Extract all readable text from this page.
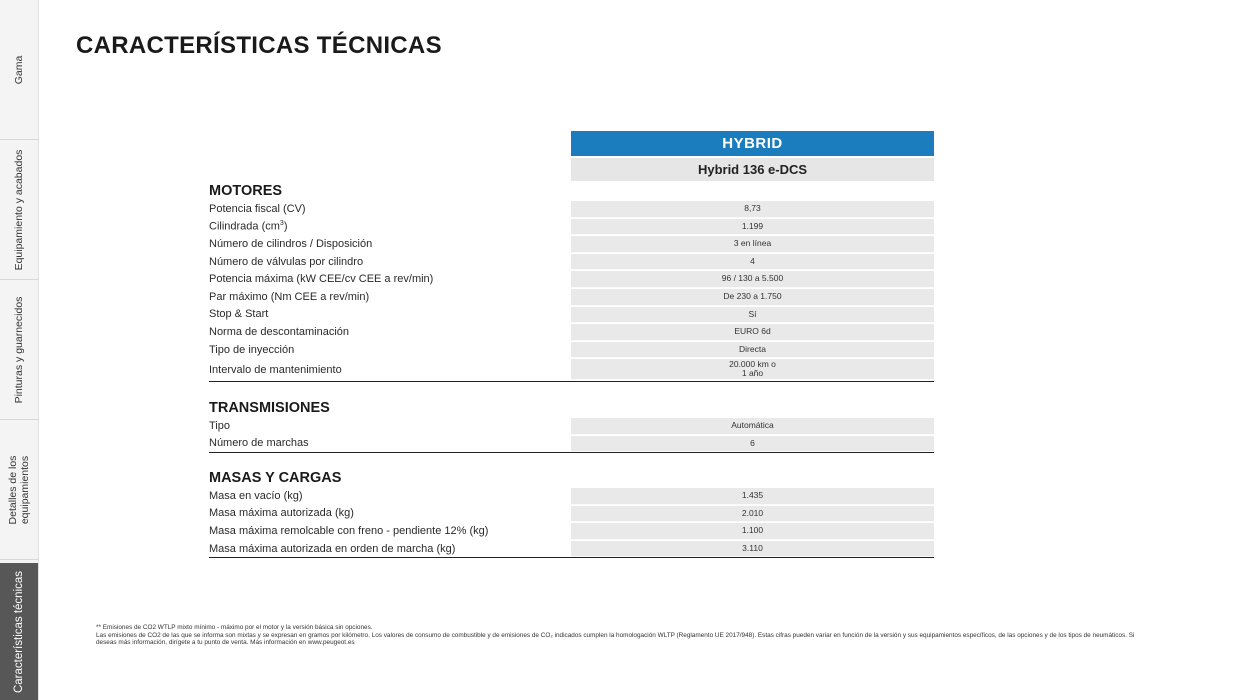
Gama
Equipamiento y acabados
Pinturas y guarnecidos
Detalles de los
equipamientos
Características técnicas
CARACTERÍSTICAS TÉCNICAS
HYBRID
Hybrid 136 e-DCS
MOTORES
Potencia fiscal (CV)	8,73
Cilindrada $(cm^3)$	1.199
Número de cilindros / Disposición	3 en línea
Número de válvulas por cilindro	4
Potencia máxima (kW CEE/cv CEE a rev/min)	96 / 130 a 5.500
Par máximo (Nm CEE a rev/min)	De 230 a 1.750
Stop & Start	Sí
Norma de descontaminación	EURO 6d
Tipo de inyección	Directa
Intervalo de mantenimiento	20.000 km o
1 año
TRANSMISIONES
Tipo	Automática
Número de marchas	6
MASAS Y CARGAS
Masa en vacío (kg)	1.435
Masa máxima autorizada (kg)	2.010
Masa máxima remolcable con freno - pendiente 12% (kg)	1.100
Masa máxima autorizada en orden de marcha (kg)	3.110

** Emisiones de CO2 WTLP mixto mínimo - máximo por el motor y la versión básica sin opciones.

Las emisiones de CO2 de las que se informa son mixtas y se expresan en gramos por kilómetro. Los valores de consumo de combustible y de emisiones de CO₂ indicados cumplen la homologación WLTP (Reglamento UE 2017/948). Estas cifras pueden variar en función de la versión y sus equipamientos específicos, de las opciones y de los tipos de neumáticos. Si deseas más información, dirígete a tu punto de venta. Más información en www.peugeot.es
